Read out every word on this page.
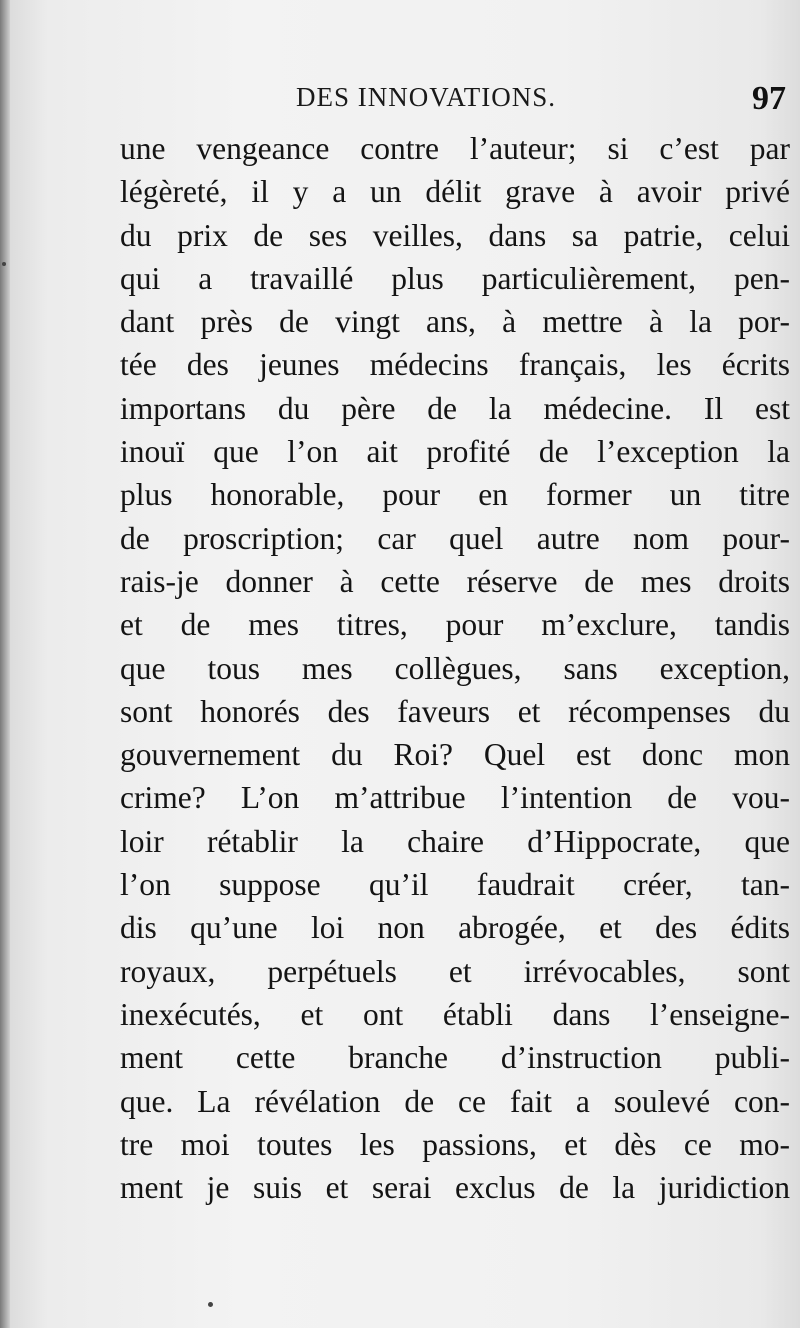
DES INNOVATIONS.	97
une vengeance contre l’auteur; si c’est par
légèreté, il y a un délit grave à avoir privé
du prix de ses veilles, dans sa patrie, celui
qui a travaillé plus particulièrement, pen-
dant près de vingt ans, à mettre à la por-
tée des jeunes médecins français, les écrits
importans du père de la médecine. Il est
inouï que l’on ait profité de l’exception la
plus honorable, pour en former un titre
de proscription; car quel autre nom pour-
rais-je donner à cette réserve de mes droits
et de mes titres, pour m’exclure, tandis
que tous mes collègues, sans exception,
sont honorés des faveurs et récompenses du
gouvernement du Roi? Quel est donc mon
crime? L’on m’attribue l’intention de vou-
loir rétablir la chaire d’Hippocrate, que
l’on suppose qu’il faudrait créer, tan-
dis qu’une loi non abrogée, et des édits
royaux, perpétuels et irrévocables, sont
inexécutés, et ont établi dans l’enseigne-
ment cette branche d’instruction publi-
que. La révélation de ce fait a soulevé con-
tre moi toutes les passions, et dès ce mo-
ment je suis et serai exclus de la juridiction
